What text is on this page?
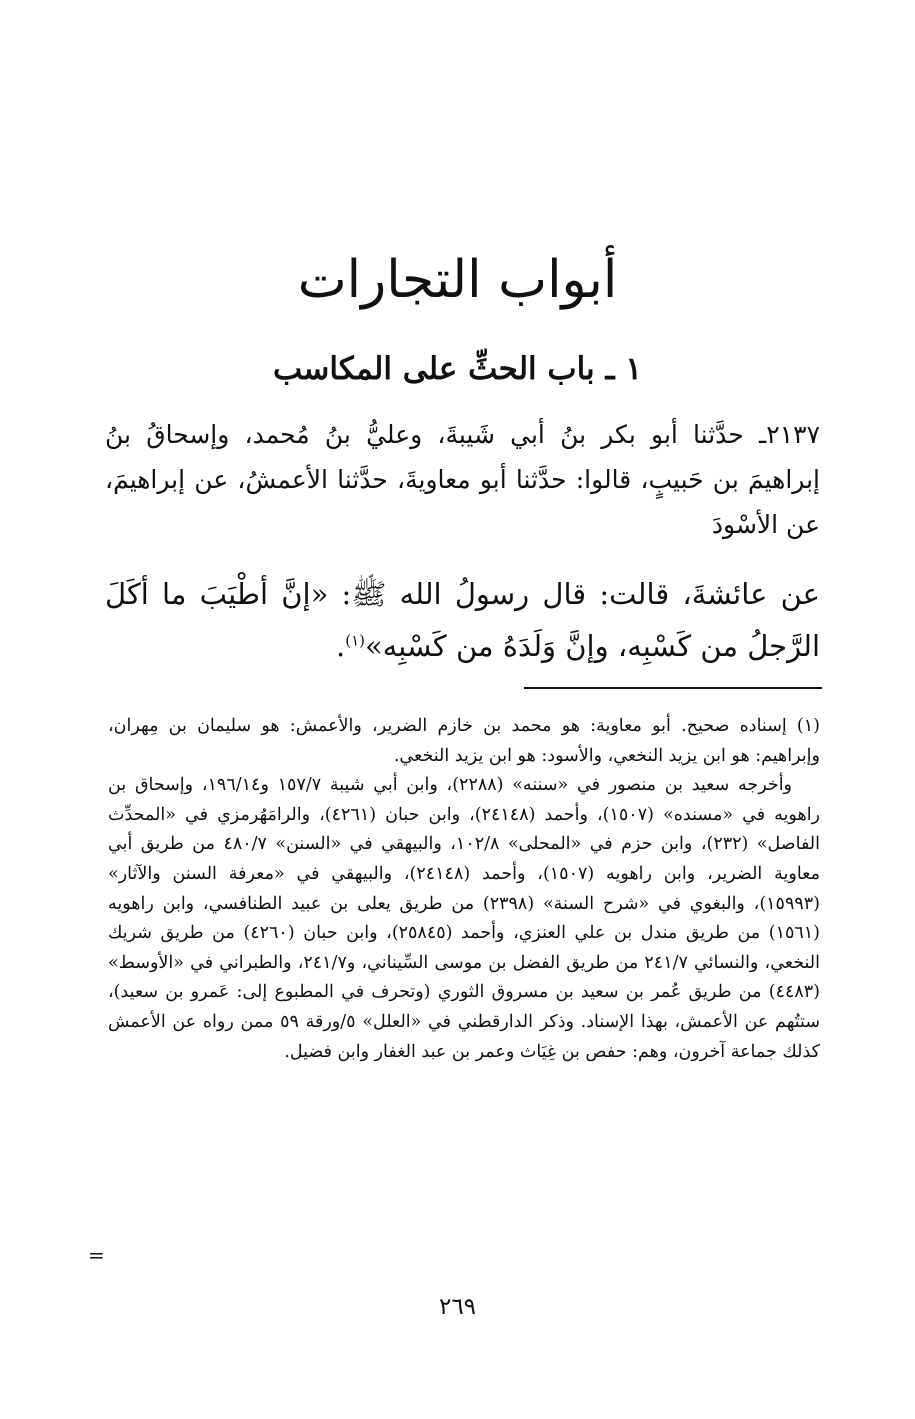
أبواب التجارات
١ ـ باب الحثِّ على المكاسب
٢١٣٧ـ حدَّثنا أبو بكر بنُ أبي شَيبةَ، وعليُّ بنُ مُحمد، وإسحاقُ بنُ إبراهيمَ بن حَبيبٍ، قالوا: حدَّثنا أبو معاويةَ، حدَّثنا الأعمشُ، عن إبراهيمَ، عن الأسْودَ
عن عائشةَ، قالت: قال رسولُ الله ﷺ: «إنَّ أطْيَبَ ما أكَلَ الرَّجلُ من كَسْبِه، وإنَّ وَلَدَهُ من كَسْبِه»$^{(١)}$.

(١) إسناده صحيح. أبو معاوية: هو محمد بن خازم الضرير، والأعمش: هو سليمان بن مِهران، وإبراهيم: هو ابن يزيد النخعي، والأسود: هو ابن يزيد النخعي.

وأخرجه سعيد بن منصور في «سننه» (٢٢٨٨)، وابن أبي شيبة ١٥٧/٧ و١٩٦/١٤، وإسحاق بن راهويه في «مسنده» (١٥٠٧)، وأحمد (٢٤١٤٨)، وابن حبان (٤٢٦١)، والرامَهُرمزي في «المحدِّث الفاصل» (٢٣٢)، وابن حزم في «المحلى» ١٠٢/٨، والبيهقي في «السنن» ٤٨٠/٧ من طريق أبي معاوية الضرير، وابن راهويه (١٥٠٧)، وأحمد (٢٤١٤٨)، والبيهقي في «معرفة السنن والآثار» (١٥٩٩٣)، والبغوي في «شرح السنة» (٢٣٩٨) من طريق يعلى بن عبيد الطنافسي، وابن راهويه (١٥٦١) من طريق مندل بن علي العنزي، وأحمد (٢٥٨٤٥)، وابن حبان (٤٢٦٠) من طريق شريك النخعي، والنسائي ٢٤١/٧ من طريق الفضل بن موسى السِّيناني، و٢٤١/٧، والطبراني في «الأوسط» (٤٤٨٣) من طريق عُمر بن سعيد بن مسروق الثوري (وتحرف في المطبوع إلى: عَمرو بن سعيد)، ستتُهم عن الأعمش، بهذا الإسناد. وذكر الدارقطني في «العلل» ٥/ورقة ٥٩ ممن رواه عن الأعمش كذلك جماعة آخرون، وهم: حفص بن غِيَاث وعمر بن عبد الغفار وابن فضيل.

=
٢٦٩
